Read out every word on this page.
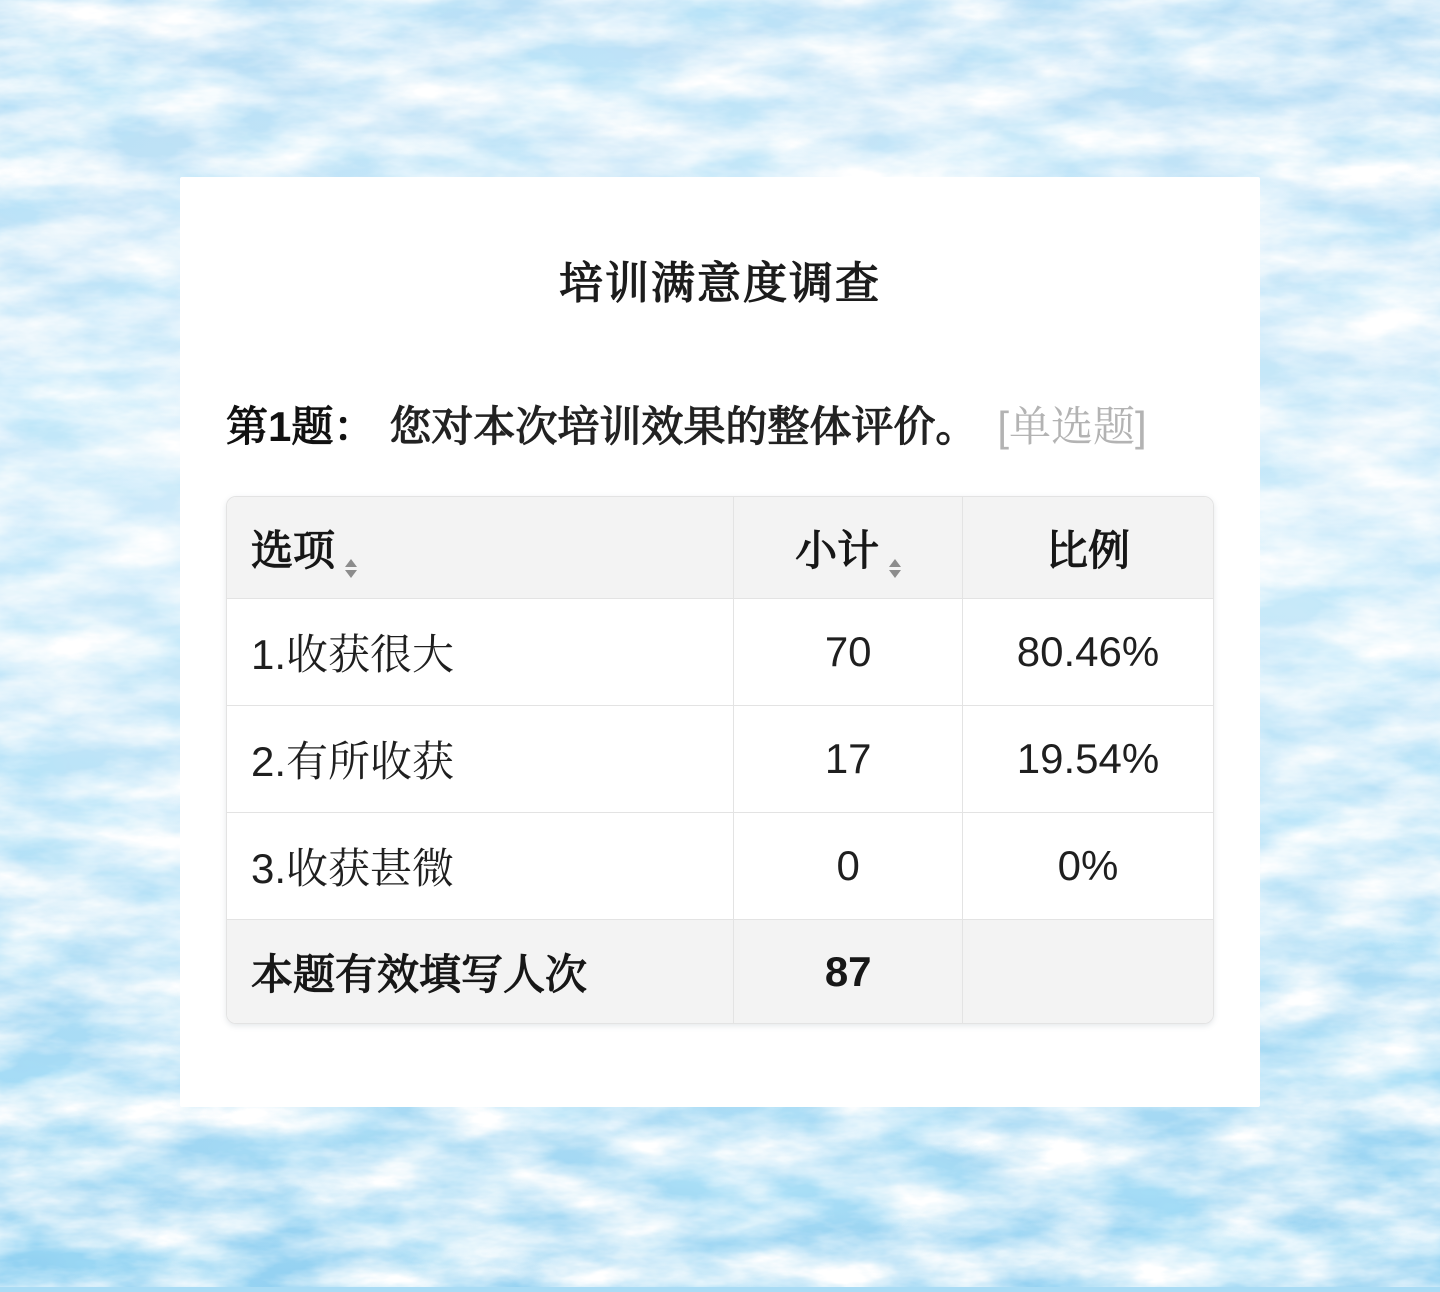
培训满意度调查
第1题： 您对本次培训效果的整体评价。 [单选题]
选项	小计	比例
1.收获很大	70	80.46%
2.有所收获	17	19.54%
3.收获甚微	0	0%
本题有效填写人次	87	
